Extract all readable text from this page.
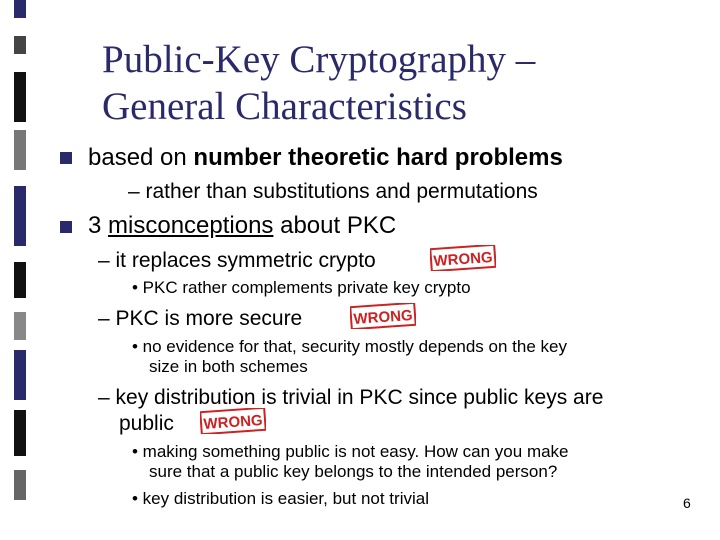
Public-Key Cryptography –
General Characteristics
based on number theoretic hard problems
– rather than substitutions and permutations
3 misconceptions about PKC
– it replaces symmetric crypto	WRONG
• PKC rather complements private key crypto
– PKC is more secure	WRONG
• no evidence for that, security mostly depends on the key
size in both schemes
– key distribution is trivial in PKC since public keys are
public WRONG
• making something public is not easy. How can you make
sure that a public key belongs to the intended person?
• key distribution is easier, but not trivial	6
